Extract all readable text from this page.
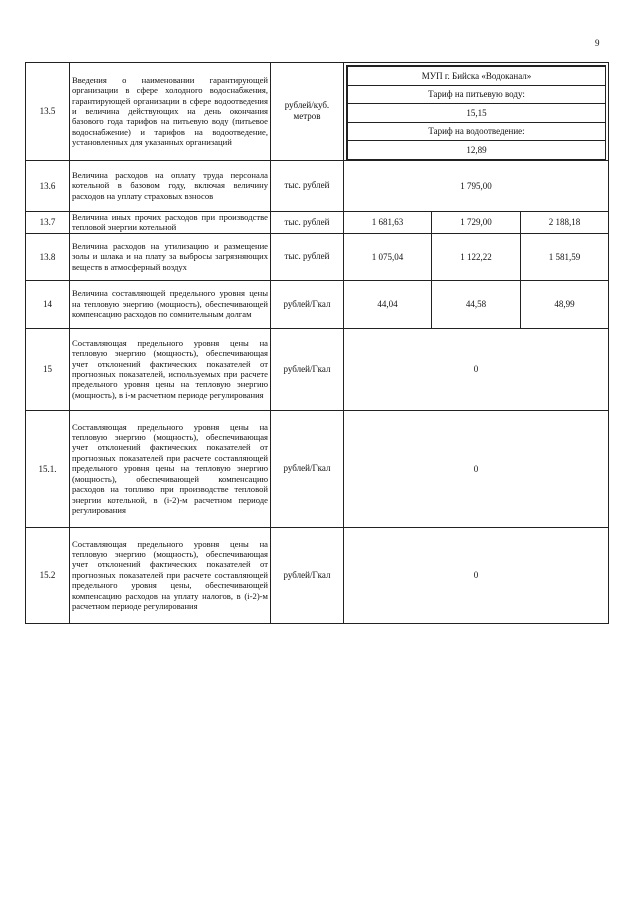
9
13.5	Введения о наименовании гарантирующей организации в сфере холодного водоснабжения, гарантирующей организации в сфере водоотведения и величина действующих на день окончания базового года тарифов на питьевую воду (питьевое водоснабжение) и тарифов на водоотведение, установленных для указанных организаций	рублей/куб. метров	
МУП г. Бийска «Водоканал»
Тариф на питьевую воду:
15,15
Тариф на водоотведение:
12,89

13.6	Величина расходов на оплату труда персонала котельной в базовом году, включая величину расходов на уплату страховых взносов	тыс. рублей	1 795,00
13.7	Величина иных прочих расходов при производстве тепловой энергии котельной	тыс. рублей	1 681,63	1 729,00	2 188,18
13.8	Величина расходов на утилизацию и размещение золы и шлака и на плату за выбросы загрязняющих веществ в атмосферный воздух	тыс. рублей	1 075,04	1 122,22	1 581,59
14	Величина составляющей предельного уровня цены на тепловую энергию (мощность), обеспечивающей компенсацию расходов по сомнительным долгам	рублей/Гкал	44,04	44,58	48,99
15	Составляющая предельного уровня цены на тепловую энергию (мощность), обеспечивающая учет отклонений фактических показателей от прогнозных показателей, используемых при расчете предельного уровня цены на тепловую энергию (мощность), в i-м расчетном периоде регулирования	рублей/Гкал	0
15.1.	Составляющая предельного уровня цены на тепловую энергию (мощность), обеспечивающая учет отклонений фактических показателей от прогнозных показателей при расчете составляющей предельного уровня цены на тепловую энергию (мощность), обеспечивающей компенсацию расходов на топливо при производстве тепловой энергии котельной, в (i-2)-м расчетном периоде регулирования	рублей/Гкал	0
15.2	Составляющая предельного уровня цены на тепловую энергию (мощность), обеспечивающая учет отклонений фактических показателей от прогнозных показателей при расчете составляющей предельного уровня цены, обеспечивающей компенсацию расходов на уплату налогов, в (i-2)-м расчетном периоде регулирования	рублей/Гкал	0
